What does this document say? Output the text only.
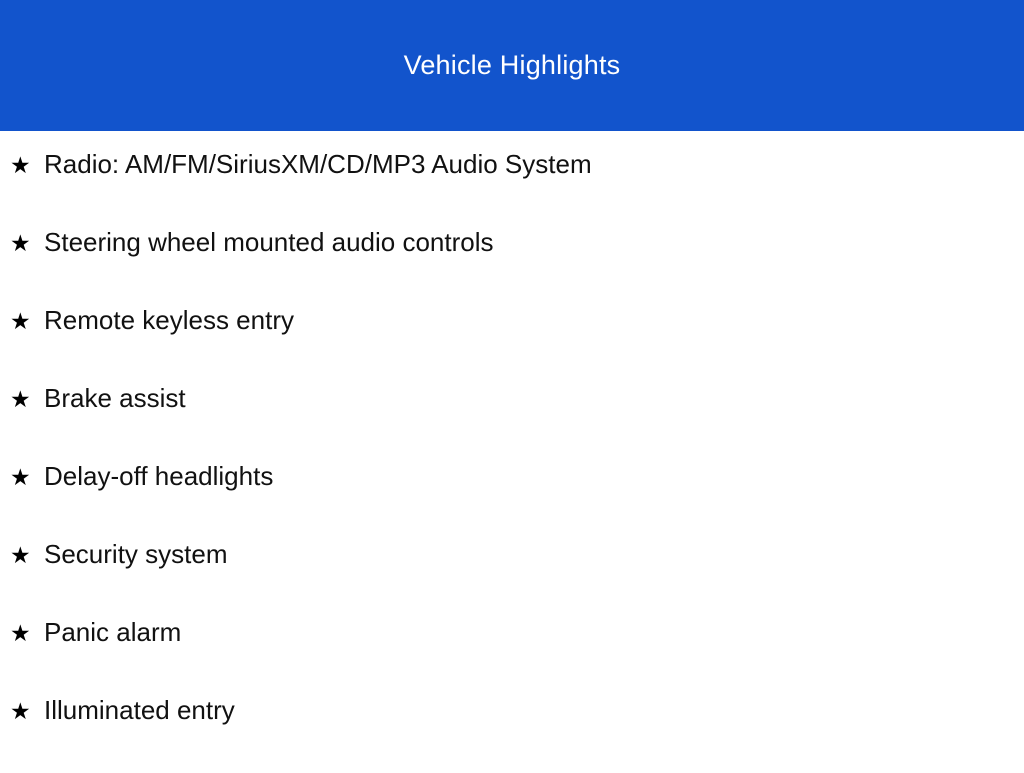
Vehicle Highlights
★ Radio: AM/FM/SiriusXM/CD/MP3 Audio System
★ Steering wheel mounted audio controls
★ Remote keyless entry
★ Brake assist
★ Delay-off headlights
★ Security system
★ Panic alarm
★ Illuminated entry
